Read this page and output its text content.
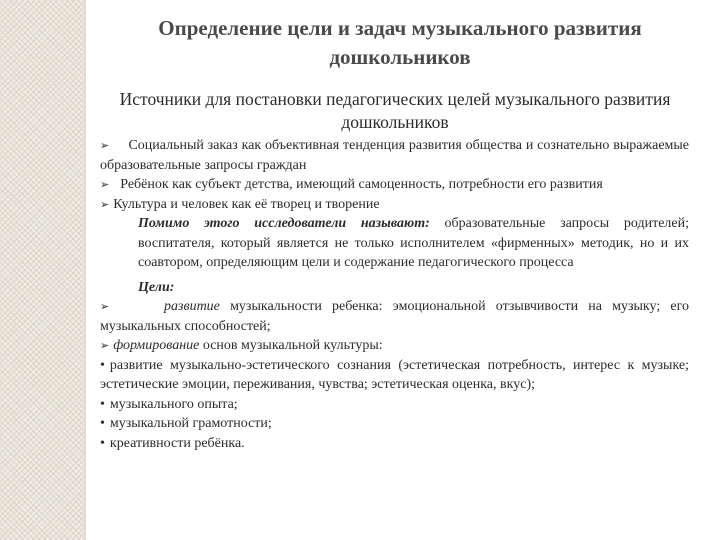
Определение цели и задач музыкального развития дошкольников

Источники для постановки педагогических целей музыкального развития дошкольников

➢ Социальный заказ как объективная тенденция развития общества и сознательно выражаемые образовательные запросы граждан

➢ Ребёнок как субъект детства, имеющий самоценность, потребности его развития

➢ Культура и человек как её творец и творение

Помимо этого исследователи называют: образовательные запросы родителей; воспитателя, который является не только исполнителем «фирменных» методик, но и их соавтором, определяющим цели и содержание педагогического процесса

Цели:

➢	развитие музыкальности ребенка: эмоциональной отзывчивости на музыку; его музыкальных способностей;

➢ формирование основ музыкальной культуры:

• развитие музыкально-эстетического сознания (эстетическая потребность, интерес к музыке; эстетические эмоции, переживания, чувства; эстетическая оценка, вкус);

• музыкального опыта;

• музыкальной грамотности;

• креативности ребёнка.
